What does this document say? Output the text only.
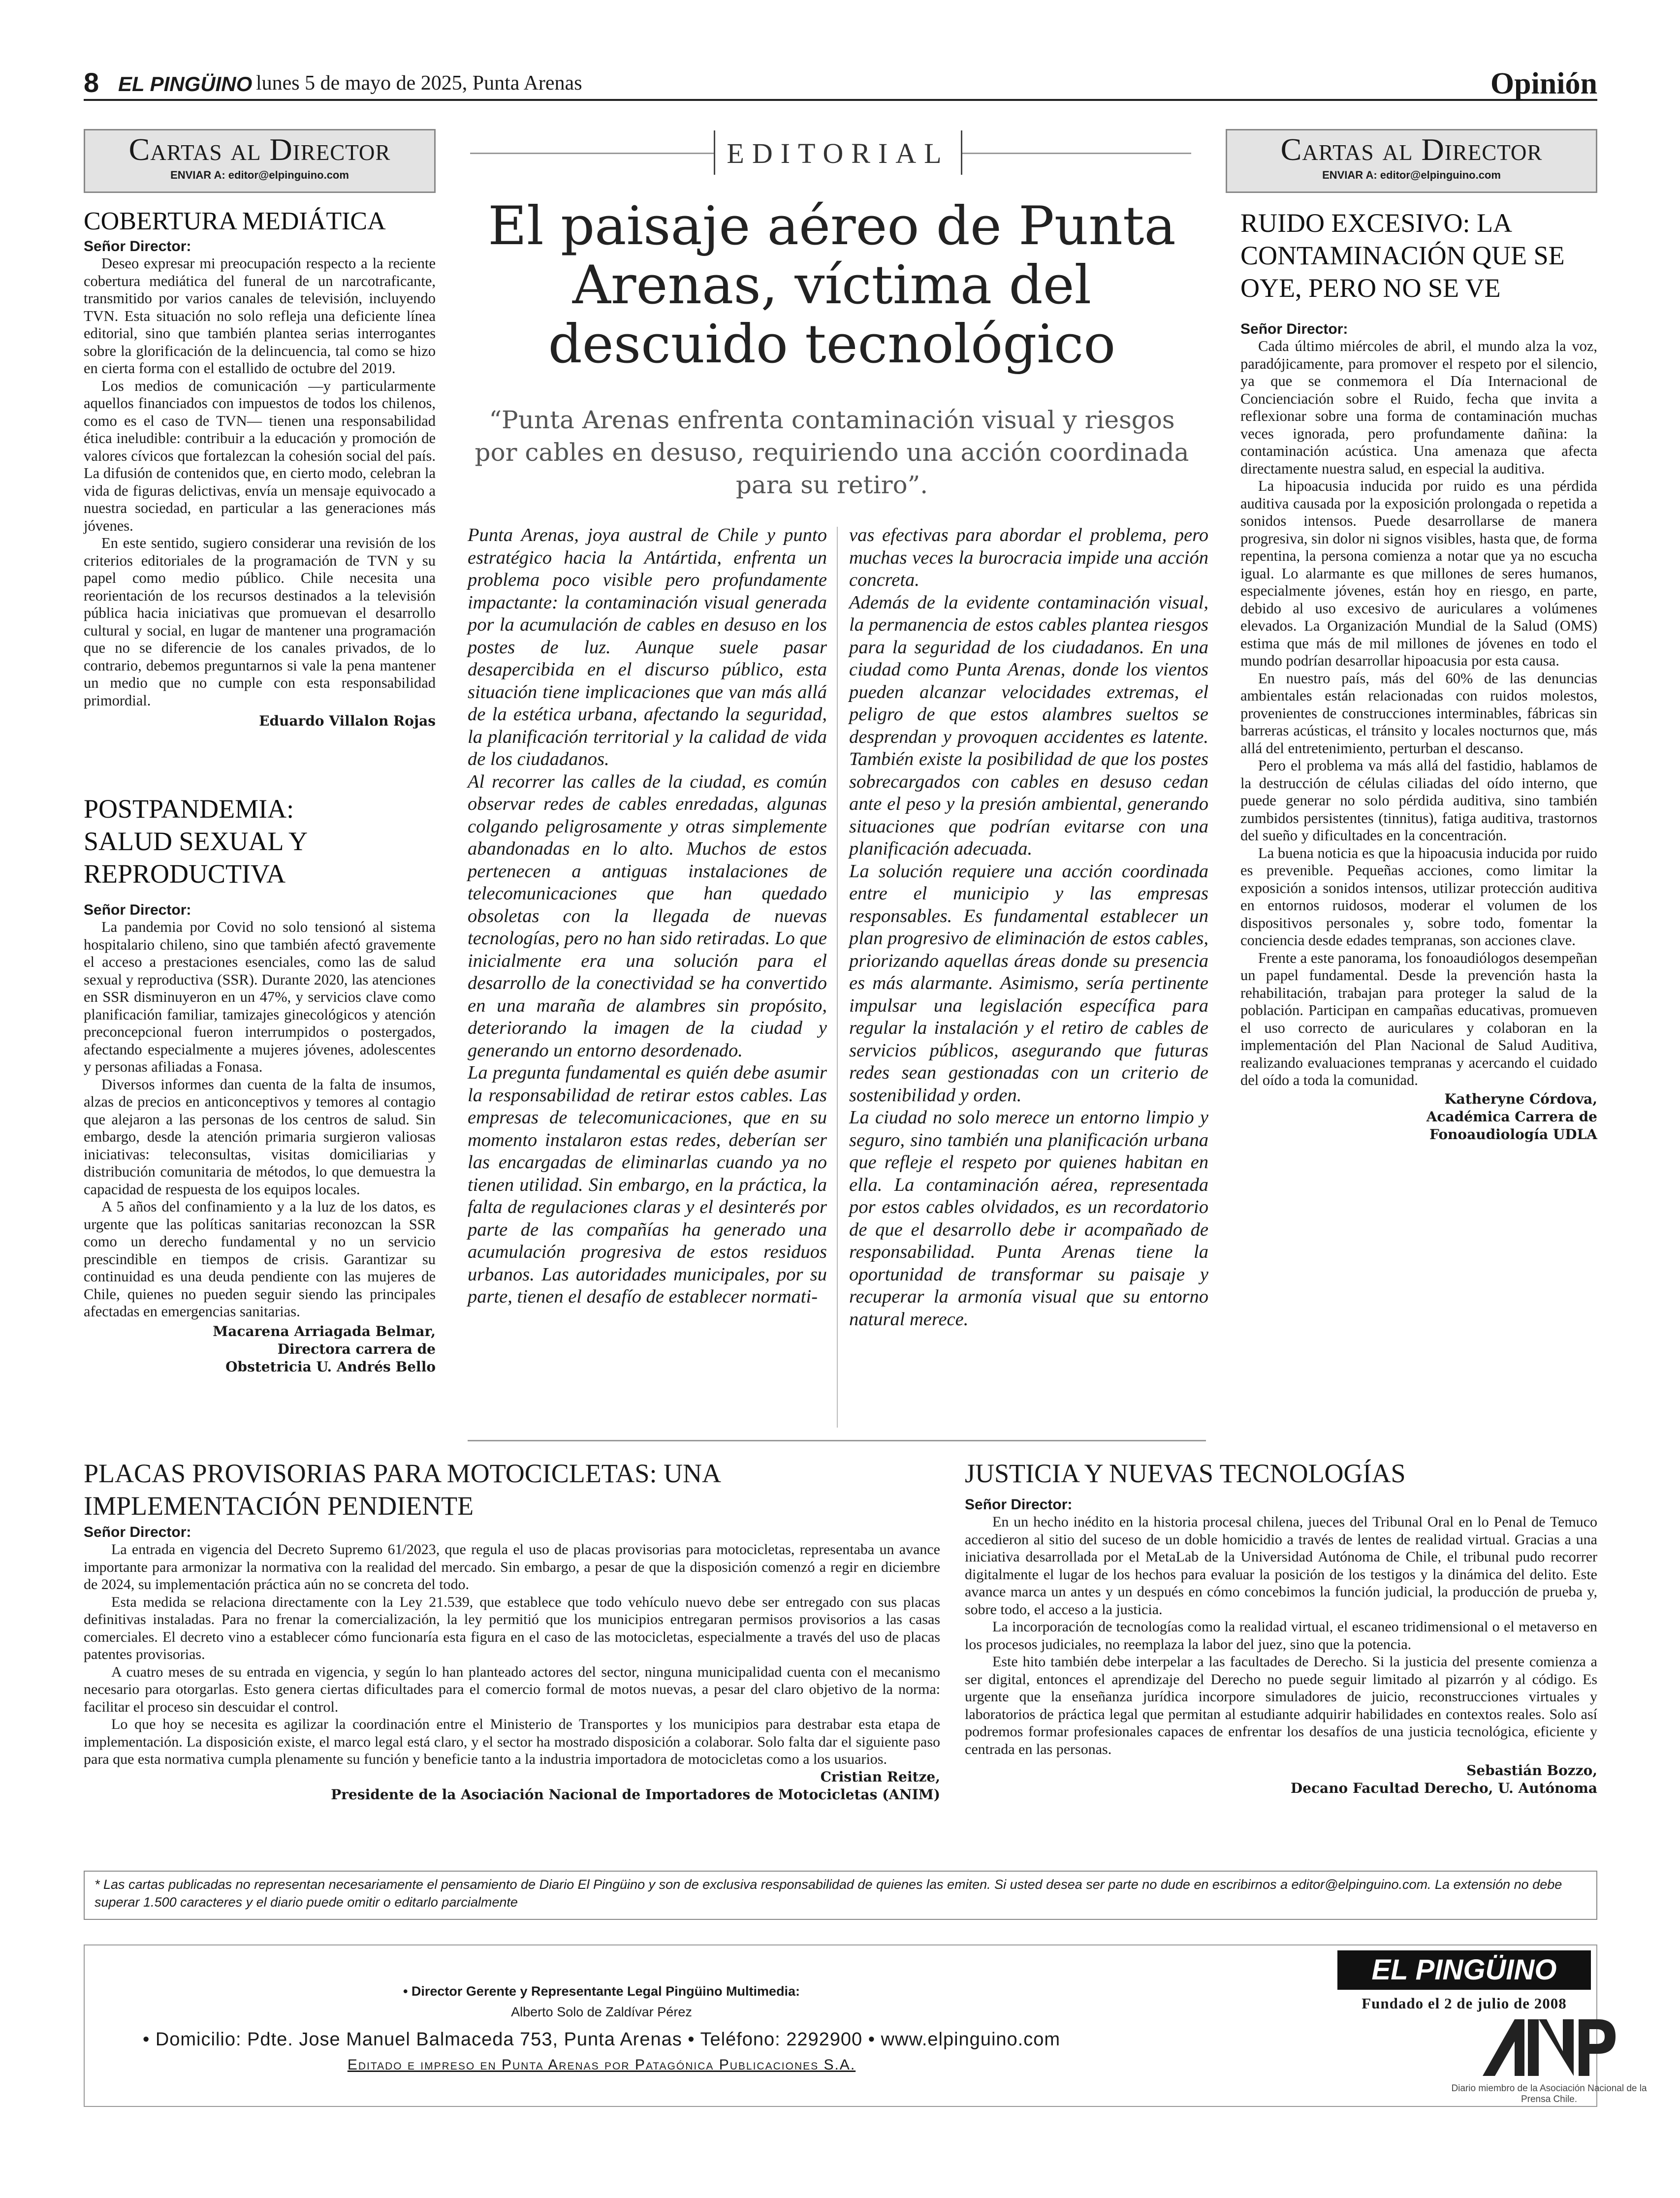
8 EL PINGÜINO lunes 5 de mayo de 2025, Punta Arenas	Opinión
Cartas al Director
ENVIAR A: editor@elpinguino.com
COBERTURA MEDIÁTICA
Señor Director:

Deseo expresar mi preocupación respecto a la reciente cobertura mediática del funeral de un narcotraficante, transmitido por varios canales de televisión, incluyendo TVN. Esta situación no solo refleja una deficiente línea editorial, sino que también plantea serias interrogantes sobre la glorificación de la delincuencia, tal como se hizo en cierta forma con el estallido de octubre del 2019.

Los medios de comunicación —y particularmente aquellos financiados con impuestos de todos los chilenos, como es el caso de TVN— tienen una responsabilidad ética ineludible: contribuir a la educación y promoción de valores cívicos que fortalezcan la cohesión social del país. La difusión de contenidos que, en cierto modo, celebran la vida de figuras delictivas, envía un mensaje equivocado a nuestra sociedad, en particular a las generaciones más jóvenes.

En este sentido, sugiero considerar una revisión de los criterios editoriales de la programación de TVN y su papel como medio público. Chile necesita una reorientación de los recursos destinados a la televisión pública hacia iniciativas que promuevan el desarrollo cultural y social, en lugar de mantener una programación que no se diferencie de los canales privados, de lo contrario, debemos preguntarnos si vale la pena mantener un medio que no cumple con esta responsabilidad primordial.

Eduardo Villalon Rojas
POSTPANDEMIA: SALUD SEXUAL Y REPRODUCTIVA
Señor Director:

La pandemia por Covid no solo tensionó al sistema hospitalario chileno, sino que también afectó gravemente el acceso a prestaciones esenciales, como las de salud sexual y reproductiva (SSR). Durante 2020, las atenciones en SSR disminuyeron en un 47%, y servicios clave como planificación familiar, tamizajes ginecológicos y atención preconcepcional fueron interrumpidos o postergados, afectando especialmente a mujeres jóvenes, adolescentes y personas afiliadas a Fonasa.

Diversos informes dan cuenta de la falta de insumos, alzas de precios en anticonceptivos y temores al contagio que alejaron a las personas de los centros de salud. Sin embargo, desde la atención primaria surgieron valiosas iniciativas: teleconsultas, visitas domiciliarias y distribución comunitaria de métodos, lo que demuestra la capacidad de respuesta de los equipos locales.

A 5 años del confinamiento y a la luz de los datos, es urgente que las políticas sanitarias reconozcan la SSR como un derecho fundamental y no un servicio prescindible en tiempos de crisis. Garantizar su continuidad es una deuda pendiente con las mujeres de Chile, quienes no pueden seguir siendo las principales afectadas en emergencias sanitarias.

Macarena Arriagada Belmar,
Directora carrera de
Obstetricia U. Andrés Bello
EDITORIAL
El paisaje aéreo de Punta Arenas, víctima del descuido tecnológico
“Punta Arenas enfrenta contaminación visual y riesgos por cables en desuso, requiriendo una acción coordinada para su retiro”.

Punta Arenas, joya austral de Chile y punto estratégico hacia la Antártida, enfrenta un problema poco visible pero profundamente impactante: la contaminación visual generada por la acumulación de cables en desuso en los postes de luz. Aunque suele pasar desapercibida en el discurso público, esta situación tiene implicaciones que van más allá de la estética urbana, afectando la seguridad, la planificación territorial y la calidad de vida de los ciudadanos.

Al recorrer las calles de la ciudad, es común observar redes de cables enredadas, algunas colgando peligrosamente y otras simplemente abandonadas en lo alto. Muchos de estos pertenecen a antiguas instalaciones de telecomunicaciones que han quedado obsoletas con la llegada de nuevas tecnologías, pero no han sido retiradas. Lo que inicialmente era una solución para el desarrollo de la conectividad se ha convertido en una maraña de alambres sin propósito, deteriorando la imagen de la ciudad y generando un entorno desordenado.

La pregunta fundamental es quién debe asumir la responsabilidad de retirar estos cables. Las empresas de telecomunicaciones, que en su momento instalaron estas redes, deberían ser las encargadas de eliminarlas cuando ya no tienen utilidad. Sin embargo, en la práctica, la falta de regulaciones claras y el desinterés por parte de las compañías ha generado una acumulación progresiva de estos residuos urbanos. Las autoridades municipales, por su parte, tienen el desafío de establecer normati-

vas efectivas para abordar el problema, pero muchas veces la burocracia impide una acción concreta.

Además de la evidente contaminación visual, la permanencia de estos cables plantea riesgos para la seguridad de los ciudadanos. En una ciudad como Punta Arenas, donde los vientos pueden alcanzar velocidades extremas, el peligro de que estos alambres sueltos se desprendan y provoquen accidentes es latente. También existe la posibilidad de que los postes sobrecargados con cables en desuso cedan ante el peso y la presión ambiental, generando situaciones que podrían evitarse con una planificación adecuada.

La solución requiere una acción coordinada entre el municipio y las empresas responsables. Es fundamental establecer un plan progresivo de eliminación de estos cables, priorizando aquellas áreas donde su presencia es más alarmante. Asimismo, sería pertinente impulsar una legislación específica para regular la instalación y el retiro de cables de servicios públicos, asegurando que futuras redes sean gestionadas con un criterio de sostenibilidad y orden.

La ciudad no solo merece un entorno limpio y seguro, sino también una planificación urbana que refleje el respeto por quienes habitan en ella. La contaminación aérea, representada por estos cables olvidados, es un recordatorio de que el desarrollo debe ir acompañado de responsabilidad. Punta Arenas tiene la oportunidad de transformar su paisaje y recuperar la armonía visual que su entorno natural merece.

Cartas al Director
ENVIAR A: editor@elpinguino.com
RUIDO EXCESIVO: LA CONTAMINACIÓN QUE SE OYE, PERO NO SE VE
Señor Director:

Cada último miércoles de abril, el mundo alza la voz, paradójicamente, para promover el respeto por el silencio, ya que se conmemora el Día Internacional de Concienciación sobre el Ruido, fecha que invita a reflexionar sobre una forma de contaminación muchas veces ignorada, pero profundamente dañina: la contaminación acústica. Una amenaza que afecta directamente nuestra salud, en especial la auditiva.

La hipoacusia inducida por ruido es una pérdida auditiva causada por la exposición prolongada o repetida a sonidos intensos. Puede desarrollarse de manera progresiva, sin dolor ni signos visibles, hasta que, de forma repentina, la persona comienza a notar que ya no escucha igual. Lo alarmante es que millones de seres humanos, especialmente jóvenes, están hoy en riesgo, en parte, debido al uso excesivo de auriculares a volúmenes elevados. La Organización Mundial de la Salud (OMS) estima que más de mil millones de jóvenes en todo el mundo podrían desarrollar hipoacusia por esta causa.

En nuestro país, más del 60% de las denuncias ambientales están relacionadas con ruidos molestos, provenientes de construcciones interminables, fábricas sin barreras acústicas, el tránsito y locales nocturnos que, más allá del entretenimiento, perturban el descanso.

Pero el problema va más allá del fastidio, hablamos de la destrucción de células ciliadas del oído interno, que puede generar no solo pérdida auditiva, sino también zumbidos persistentes (tinnitus), fatiga auditiva, trastornos del sueño y dificultades en la concentración.

La buena noticia es que la hipoacusia inducida por ruido es prevenible. Pequeñas acciones, como limitar la exposición a sonidos intensos, utilizar protección auditiva en entornos ruidosos, moderar el volumen de los dispositivos personales y, sobre todo, fomentar la conciencia desde edades tempranas, son acciones clave.

Frente a este panorama, los fonoaudiólogos desempeñan un papel fundamental. Desde la prevención hasta la rehabilitación, trabajan para proteger la salud de la población. Participan en campañas educativas, promueven el uso correcto de auriculares y colaboran en la implementación del Plan Nacional de Salud Auditiva, realizando evaluaciones tempranas y acercando el cuidado del oído a toda la comunidad.

Katheryne Córdova,
Académica Carrera de
Fonoaudiología UDLA
PLACAS PROVISORIAS PARA MOTOCICLETAS: UNA IMPLEMENTACIÓN PENDIENTE
Señor Director:

La entrada en vigencia del Decreto Supremo 61/2023, que regula el uso de placas provisorias para motocicletas, representaba un avance importante para armonizar la normativa con la realidad del mercado. Sin embargo, a pesar de que la disposición comenzó a regir en diciembre de 2024, su implementación práctica aún no se concreta del todo.

Esta medida se relaciona directamente con la Ley 21.539, que establece que todo vehículo nuevo debe ser entregado con sus placas definitivas instaladas. Para no frenar la comercialización, la ley permitió que los municipios entregaran permisos provisorios a las casas comerciales. El decreto vino a establecer cómo funcionaría esta figura en el caso de las motocicletas, especialmente a través del uso de placas patentes provisorias.

A cuatro meses de su entrada en vigencia, y según lo han planteado actores del sector, ninguna municipalidad cuenta con el mecanismo necesario para otorgarlas. Esto genera ciertas dificultades para el comercio formal de motos nuevas, a pesar del claro objetivo de la norma: facilitar el proceso sin descuidar el control.

Lo que hoy se necesita es agilizar la coordinación entre el Ministerio de Transportes y los municipios para destrabar esta etapa de implementación. La disposición existe, el marco legal está claro, y el sector ha mostrado disposición a colaborar. Solo falta dar el siguiente paso para que esta normativa cumpla plenamente su función y beneficie tanto a la industria importadora de motocicletas como a los usuarios.

Cristian Reitze,
Presidente de la Asociación Nacional de Importadores de Motocicletas (ANIM)
JUSTICIA Y NUEVAS TECNOLOGÍAS
Señor Director:

En un hecho inédito en la historia procesal chilena, jueces del Tribunal Oral en lo Penal de Temuco accedieron al sitio del suceso de un doble homicidio a través de lentes de realidad virtual. Gracias a una iniciativa desarrollada por el MetaLab de la Universidad Autónoma de Chile, el tribunal pudo recorrer digitalmente el lugar de los hechos para evaluar la posición de los testigos y la dinámica del delito. Este avance marca un antes y un después en cómo concebimos la función judicial, la producción de prueba y, sobre todo, el acceso a la justicia.

La incorporación de tecnologías como la realidad virtual, el escaneo tridimensional o el metaverso en los procesos judiciales, no reemplaza la labor del juez, sino que la potencia.

Este hito también debe interpelar a las facultades de Derecho. Si la justicia del presente comienza a ser digital, entonces el aprendizaje del Derecho no puede seguir limitado al pizarrón y al código. Es urgente que la enseñanza jurídica incorpore simuladores de juicio, reconstrucciones virtuales y laboratorios de práctica legal que permitan al estudiante adquirir habilidades en contextos reales. Solo así podremos formar profesionales capaces de enfrentar los desafíos de una justicia tecnológica, eficiente y centrada en las personas.

Sebastián Bozzo,
Decano Facultad Derecho, U. Autónoma
* Las cartas publicadas no representan necesariamente el pensamiento de Diario El Pingüino y son de exclusiva responsabilidad de quienes las emiten. Si usted desea ser parte no dude en escribirnos a editor@elpinguino.com. La extensión no debe superar 1.500 caracteres y el diario puede omitir o editarlo parcialmente
• Director Gerente y Representante Legal Pingüino Multimedia:
Alberto Solo de Zaldívar Pérez
• Domicilio: Pdte. Jose Manuel Balmaceda 753, Punta Arenas • Teléfono: 2292900 • www.elpinguino.com
Editado e impreso en Punta Arenas por Patagónica Publicaciones S.A.
EL PINGÜINO
Fundado el 2 de julio de 2008
Diario miembro de la Asociación Nacional de la Prensa Chile.
